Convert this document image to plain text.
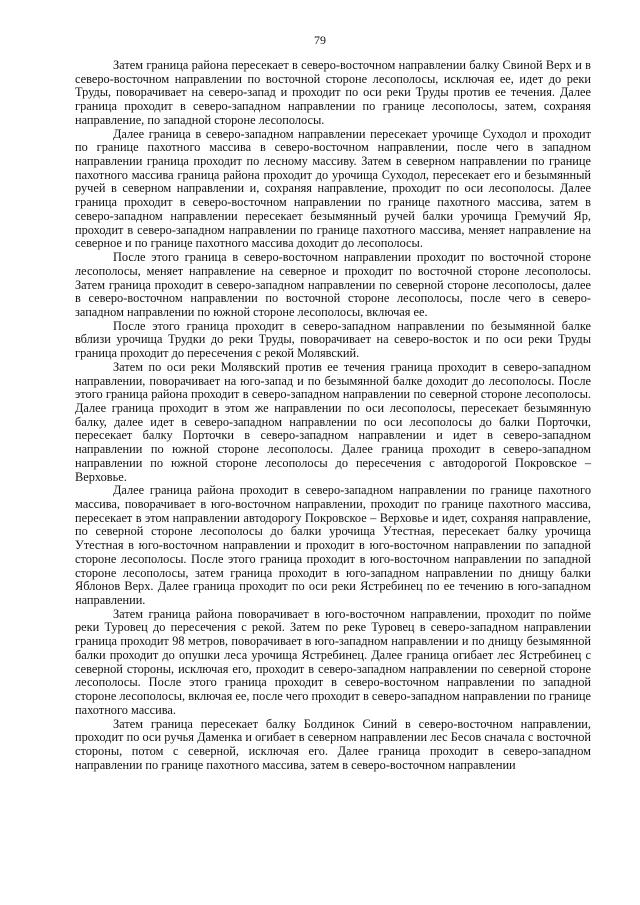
79

Затем граница района пересекает в северо-восточном направлении балку Свиной Верх и в северо-восточном направлении по восточной стороне лесополосы, исключая ее, идет до реки Труды, поворачивает на северо-запад и проходит по оси реки Труды против ее течения. Далее граница проходит в северо-западном направлении по границе лесополосы, затем, сохраняя направление, по западной стороне лесополосы.

Далее граница в северо-западном направлении пересекает урочище Суходол и проходит по границе пахотного массива в северо-восточном направлении, после чего в западном направлении граница проходит по лесному массиву. Затем в северном направлении по границе пахотного массива граница района проходит до урочища Суходол, пересекает его и безымянный ручей в северном направлении и, сохраняя направление, проходит по оси лесополосы. Далее граница проходит в северо-восточном направлении по границе пахотного массива, затем в северо-западном направлении пересекает безымянный ручей балки урочища Гремучий Яр, проходит в северо-западном направлении по границе пахотного массива, меняет направление на северное и по границе пахотного массива доходит до лесополосы.

После этого граница в северо-восточном направлении проходит по восточной стороне лесополосы, меняет направление на северное и проходит по восточной стороне лесополосы. Затем граница проходит в северо-западном направлении по северной стороне лесополосы, далее в северо-восточном направлении по восточной стороне лесополосы, после чего в северо-западном направлении по южной стороне лесополосы, включая ее.

После этого граница проходит в северо-западном направлении по безымянной балке вблизи урочища Трудки до реки Труды, поворачивает на северо-восток и по оси реки Труды граница проходит до пересечения с рекой Молявский.

Затем по оси реки Молявский против ее течения граница проходит в северо-западном направлении, поворачивает на юго-запад и по безымянной балке доходит до лесополосы. После этого граница района проходит в северо-западном направлении по северной стороне лесополосы. Далее граница проходит в этом же направлении по оси лесополосы, пересекает безымянную балку, далее идет в северо-западном направлении по оси лесополосы до балки Порточки, пересекает балку Порточки в северо-западном направлении и идет в северо-западном направлении по южной стороне лесополосы. Далее граница проходит в северо-западном направлении по южной стороне лесополосы до пересечения с автодорогой Покровское – Верховье.

Далее граница района проходит в северо-западном направлении по границе пахотного массива, поворачивает в юго-восточном направлении, проходит по границе пахотного массива, пересекает в этом направлении автодорогу Покровское – Верховье и идет, сохраняя направление, по северной стороне лесополосы до балки урочища Утестная, пересекает балку урочища Утестная в юго-восточном направлении и проходит в юго-восточном направлении по западной стороне лесополосы. После этого граница проходит в юго-восточном направлении по западной стороне лесополосы, затем граница проходит в юго-западном направлении по днищу балки Яблонов Верх. Далее граница проходит по оси реки Ястребинец по ее течению в юго-западном направлении.

Затем граница района поворачивает в юго-восточном направлении, проходит по пойме реки Туровец до пересечения с рекой. Затем по реке Туровец в северо-западном направлении граница проходит 98 метров, поворачивает в юго-западном направлении и по днищу безымянной балки проходит до опушки леса урочища Ястребинец. Далее граница огибает лес Ястребинец с северной стороны, исключая его, проходит в северо-западном направлении по северной стороне лесополосы. После этого граница проходит в северо-восточном направлении по западной стороне лесополосы, включая ее, после чего проходит в северо-западном направлении по границе пахотного массива.

Затем граница пересекает балку Болдинок Синий в северо-восточном направлении, проходит по оси ручья Даменка и огибает в северном направлении лес Бесов сначала с восточной стороны, потом с северной, исключая его. Далее граница проходит в северо-западном направлении по границе пахотного массива, затем в северо-восточном направлении
